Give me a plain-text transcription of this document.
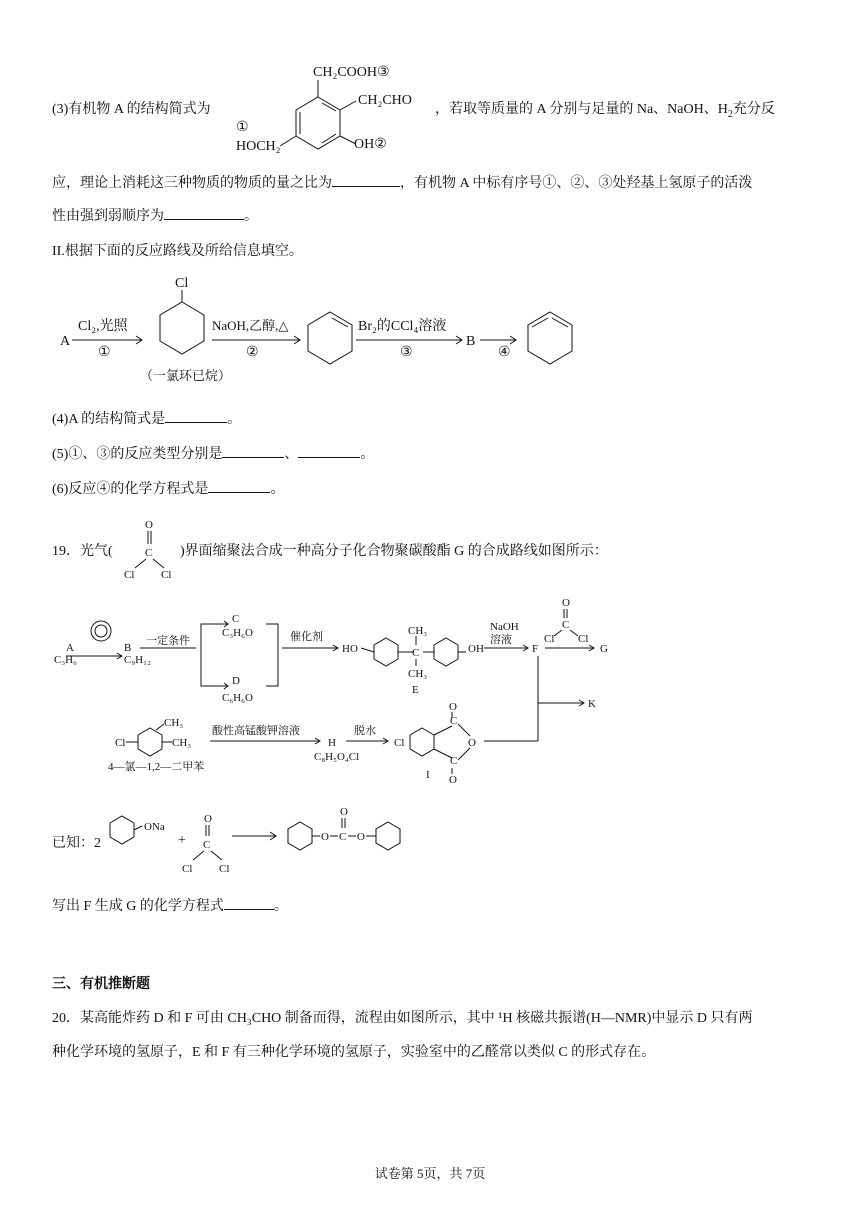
(3)有机物 A 的结构简式为	，若取等质量的 A 分别与足量的 Na、NaOH、$H_2$充分反
应，理论上消耗这三种物质的物质的量之比为	，有机物 A 中标有序号①、②、③处羟基上氢原子的活泼
性由强到弱顺序为	。
II.根据下面的反应路线及所给信息填空。
(4)A 的结构简式是	。
(5)①、③的反应类型分别是	、	。
(6)反应④的化学方程式是	。
19．光气(	)界面缩聚法合成一种高分子化合物聚碳酸酯 G 的合成路线如图所示：
已知：2
写出 F 生成 G 的化学方程式	。
三、有机推断题
20．某高能炸药 D 和 F 可由 CH₃CHO 制备而得，流程由如图所示，其中 ¹H 核磁共振谱(H—NMR)中显示 D 只有两
种化学环境的氢原子，E 和 F 有三种化学环境的氢原子，实验室中的乙醛常以类似 C 的形式存在。
试卷第 5页，共 7页
CH₂COOH③
CH₂CHO
OH②
①
HOCH₂
A
Cl₂,光照
①
Cl
（一氯环已烷）
NaOH,乙醇,△
②
Br₂的CCl₄溶液
③
B
④
O
C
Cl Cl
A
C₃H₆
B
C₉H₁₂
一定条件
C
C₃H₆O
D
C₆H₆O
催化剂
HO	C
CH₃
CH₃
OH
E
NaOH
溶液
F
O
C
Cl Cl
G
K
Cl
CH₃
CH₃
4—氯—1,2—二甲苯
酸性高锰酸钾溶液
H
C₈H₅O₄Cl
脱水
Cl
C
C
O
O
O
I
ONa
+
O
C
Cl Cl
O C
O
O
